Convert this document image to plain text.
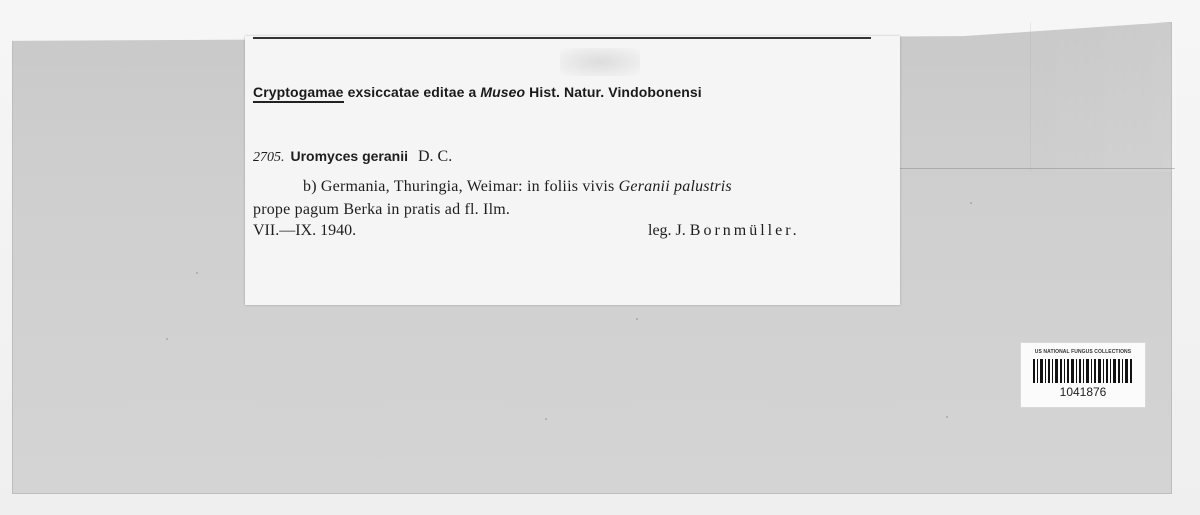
Cryptogamae exsiccatae editae a Museo Hist. Natur. Vindobonensi
2705. Uromyces geranii D. C.
b) Germania, Thuringia, Weimar: in foliis vivis Geranii palustris
prope pagum Berka in pratis ad fl. Ilm.
VII.—IX. 1940.	leg. J. Bornmüller.
US NATIONAL FUNGUS COLLECTIONS
1041876
